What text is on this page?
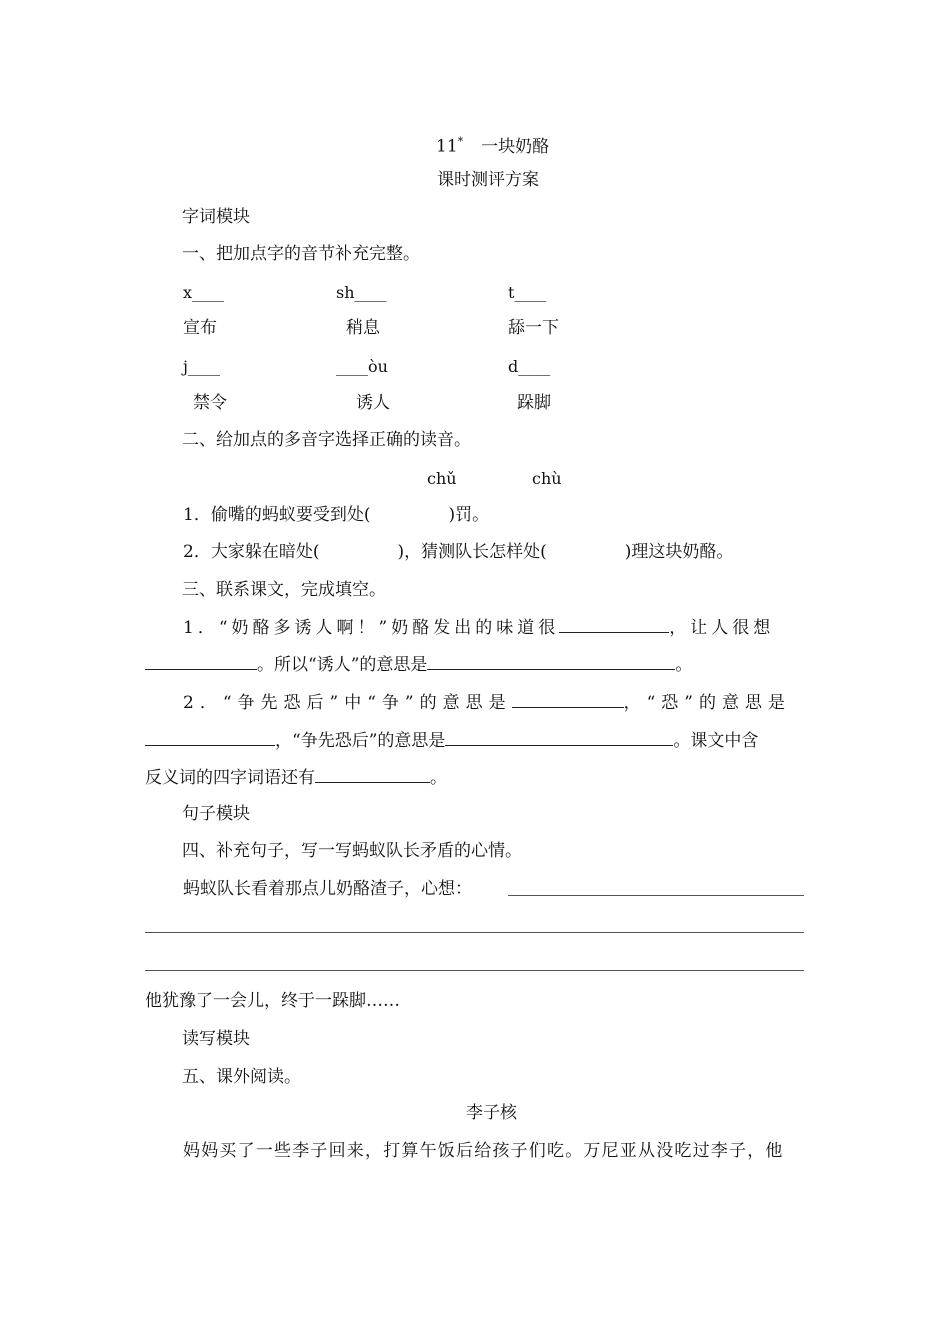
11* 一块奶酪
课时测评方案
字词模块
一、把加点字的音节补充完整。
x____	sh____	t____
宣布	稍息	舔一下
j____	____òu	d____
禁令	诱人	跺脚
二、给加点的多音字选择正确的读音。
chǔ	chù
1．偷嘴的蚂蚁要受到处(	)罚。
2．大家躲在暗处(	)，猜测队长怎样处(	)理这块奶酪。
三、联系课文，完成填空。
1．“奶酪多诱人啊！”奶酪发出的味道很	，让人很想
。所以“诱人”的意思是	。
2．“争先恐后”中“争”的意思是	，“恐”的意思是
，“争先恐后”的意思是	。课文中含
反义词的四字词语还有	。
句子模块
四、补充句子，写一写蚂蚁队长矛盾的心情。
蚂蚁队长看着那点儿奶酪渣子，心想：
他犹豫了一会儿，终于一跺脚……
读写模块
五、课外阅读。
李子核
妈妈买了一些李子回来，打算午饭后给孩子们吃。万尼亚从没吃过李子，他
